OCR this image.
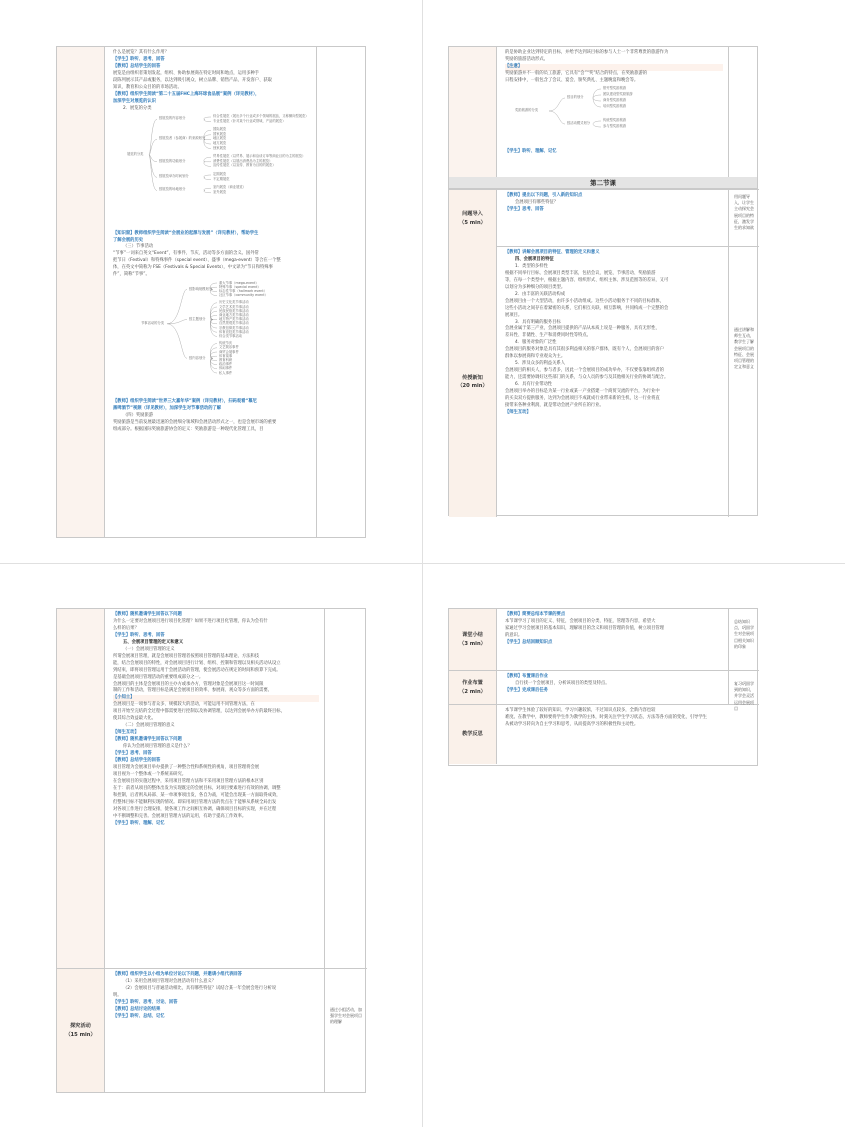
什么是展览？其有什么作用？
【学生】聆听、思考、回答
【教师】总结学生的回答
展览是由组织者策划发起，组织、协助参展商在特定时间和地点，运用多种手
段陈列展示其产品或服务，以达到吸引观众、树立品牌、销售产品、开发客户、获取
知识、教育和公众目的的市场活动。
【教师】组织学生阅读“第二十五届FHC上海环球食品展”案例（详见教材），
加深学生对展览的认识
2．展览的分类
综合性展览（展出多个行业或多个领域的展品，又称横向型展览）
专业性展览（针对某个行业或领域，产品的展览）
按展览的内容划分
国际展览
国家展览
地区展览
地方展览
独家展览
按展览者（参展商）的来源划分
贸易性展览（以贸易、展示和洽谈订单等商业目的为主的展览）
消费性展览（以展出消费品为主的展览）
宣传性展览（以宣传、教育为目的的展览）
按展览的功能划分
定期展览
不定期展览
按展览举办时间划分
室内展览（商业展览）
室外展览
按展览的场地划分
展览的分类
【知识窗】教师组织学生阅读“会展业的起源与发展”（详见教材），帮助学生
了解会展的历史
（三）节事活动
“节事”一词来自英文“Event”，有事件、节庆、活动等多方面的含义。国外常
把节日（Festival）和特殊事件（special event）、盛事（mega-event）等合在一个整
体，在英文中简称为 FSE（Festivals & Special Events），中文译为“节日和特殊事
件”，简称“节事”。
重大节事（mega-event）
特殊节事（special event）
标志性节事（hallmark event）
社区节事（community event）
按影响规模划分
历史文化类节事活动
文学艺术类节事活动
民族民俗类节事活动
商业地方类节事活动
地方特产类节事活动
自然景观类节事活动
宗教信仰类节事活动
体育竞技类节事活动
综合类节事活动
按主题划分
传统节庆
文艺娱乐事件
商贸会展事件
体育赛事
教育科研
政治事件
休闲事件
私人事件
按内容划分
节事活动的分类
【教师】组织学生阅读“世界三大嘉年华”案例（详见教材），扫码观看“慕尼
黑啤酒节”视频（详见教材），加深学生对节事活动的了解
（四）奖励旅游
奖励旅游是当前发展最迅速的会展细分领域和会展活动形式之一，也是会展市场的重要
组成部分。根据国际奖励旅游协会的定义：奖励旅游是一种现代化管理工具，目
的是协助企业达到特定的目标，并给予达到该目标的参与人士一个非常尊贵的旅游作为
奖励的旅游活动形式。
【注意】
奖励旅游并不一般的员工旅游，它具有“会”“奖”结合的特点，在奖励旅游的
日程安排中，一般包含了会议、宴会、颁奖典礼、主题晚宴和晚会等。
慰劳型奖励旅游
团队建设型奖励旅游
商务型奖励旅游
培训型奖励旅游
按目的划分
传统型奖励旅游
参与型奖励旅游
按活动模式划分
奖励旅游的分类
【学生】聆听、理解、记忆
第二节课
问题导入
（5 min）
【教师】提出以下问题，引入新的知识点
会展项目有哪些特征？
【学生】思考、回答
用问题导入，让学生主动探究会展项目的特征，激发学生的求知欲
传授新知
（20 min）
【教师】讲解会展项目的特征、管理的定义和意义
四、会展项目的特征
1．类型的多样性
根据不同举行目标，会展项目类型丰富，包括会议、展览、节事活动、奖励旅游
等，在每一个类型中，根据主题内容、组织形式、组织主体、涉及范围等的差异，又可
以划分为多种细分的项目类型。
2．由丰富的关联活动构成
会展项目由一个大型活动，由许多小活动组成。这些小活动服务于不同的目标群体，
这些小活动之间存在着紧密的关系，它们相互关联，相互影响，共同构成一个完整的会
展项目。
3．具有明确的服务目标
会展业属于第三产业，会展项目提供的产品从本质上说是一种服务，具有无形性、
差异性、非储性、生产和消费同时性等特点。
4．服务对象的广泛性
会展项目的服务对象是具有其很多利益相关的客户群体，既有个人，会展项目的客户
群体以参展商和专业观众为主。
5．涉及众多的利益关系人
会展项目的相关人，参与者多，因此一个会展项目的成功举办，不仅要依靠组织者的
能力，还需要协调好这些部门的关系，与众人员的参与及其他相关行业的协调与配合。
6．具有行业带动性
会展项目举办的目标是为某一行业或某一产业搭建一个商贸交流的平台，为行业中
的买卖双方提供服务，达到为会展项目不成就成行业带来新的生机，这一行业将直
接带来各种业利润，就是带动会展产业所在的行业。
【师生互动】
通过讲解和师生互动，教学生了解会展项目的特征、会展项目管理的定义和意义
【教师】随机邀请学生回答以下问题
为什么一定要对会展项目进行项目化管理？如果不进行项目化管理，你认为会有什
么样的后果？
【学生】聆听、思考、回答
五、会展项目管理的定义和意义
（一）会展项目管理的定义
所谓会展项目管理，就是会展项目管理者按照项目管理的基本理论、方法和技
能，结合会展项目的特性，对会展项目进行计划、组织、控制和管理以及相关活动从设立
到结束，即将项目管理运用于会展活动的管理，使会展活动在规定的时间和预算下完成。
是基础会展项目管理活动的重要组成部分之一。
会展项目的主体是会展项目的主办方或承办方，管理对象是会展项目这一时间限
制的工作和活动，管理目标是满足会展项目的效率、参展商、观众等多方面的需要。
【小知士】
会展项目是一项参与者众多、规模较大的活动，可能运用不同管理方法，在
项目开始至完结的全过程中都需要进行控制以及协调管理，以达到会展举办方的最终目标，
使其综合效益最大化。
（二）会展项目管理的意义
【师生互动】
【教师】随机邀请学生回答以下问题
你认为会展项目管理的意义是什么？
【学生】思考、回答
【教师】总结学生的回答
项目管理为会展项目举办提供了一种整合性和系统性的视角，项目管理将会展
项目视为一个整体或一个系统来研究。
在会展项目的实施过程中，采用项目管理方法和不采用项目管理方法的根本区别
在于：前者从项目的整体出发为实现既定的会展目标，对项目要素进行有效的协调、调整
和控制，后者则从局部、某一单项事项出发，各自为战，可能会出现某一方面取得成效，
但整体目标不能顺利实现的情况。即采用项目管理方法的优点在于能够从系统全局出发
对各项工作进行合理安排，使各项工作之间相互协调，确保项目目标的实现，并在过程
中不断调整和完善。会展项目管理方法的运用，有助于提高工作效率。
【学生】聆听、理解、记忆
探究活动
（15 min）
【教师】组织学生以小组为单位讨论以下问题，并邀请小组代表回答
（1）采用会展项目管理对会展活动有什么意义？
（2）会展项目与普通活动相比，具有哪些特征？试结合某一年会展会进行分析说
明。
【学生】聆听、思考、讨论、回答
【教师】总结讨论的结果
【学生】聆听、总结、记忆
通过小组活动，加强学生对会展项目的理解
课堂小结
（3 min）
【教师】简要总结本节课的要点
本节课学习了项目的定义、特征，会展项目的分类、特征，管理等内容，希望大
家通过学习会展项目的基本知识，理解项目的含义和项目管理的价值，树立项目管理
的意识。
【学生】总结回顾知识点
总结知识点，巩固学生对会展项目相关知识的印象
作业布置
（2 min）
【教师】布置课后作业
自行找一个会展项目，分析该项目的类型及特点。
【学生】完成课后任务
复习巩固学到的知识，并学会灵活运用会展项目
教学反思
本节课学生体验了较好的知识、学习兴趣较浓，不过知识点较多，全新内容也较
难度。在教学中，教师要将学生作为教学的主体，时刻关注学生学习状态，方法等各方面的变化，引导学生
从被动学习转向为自主学习和思考，从而提高学习的积极性和主动性。
